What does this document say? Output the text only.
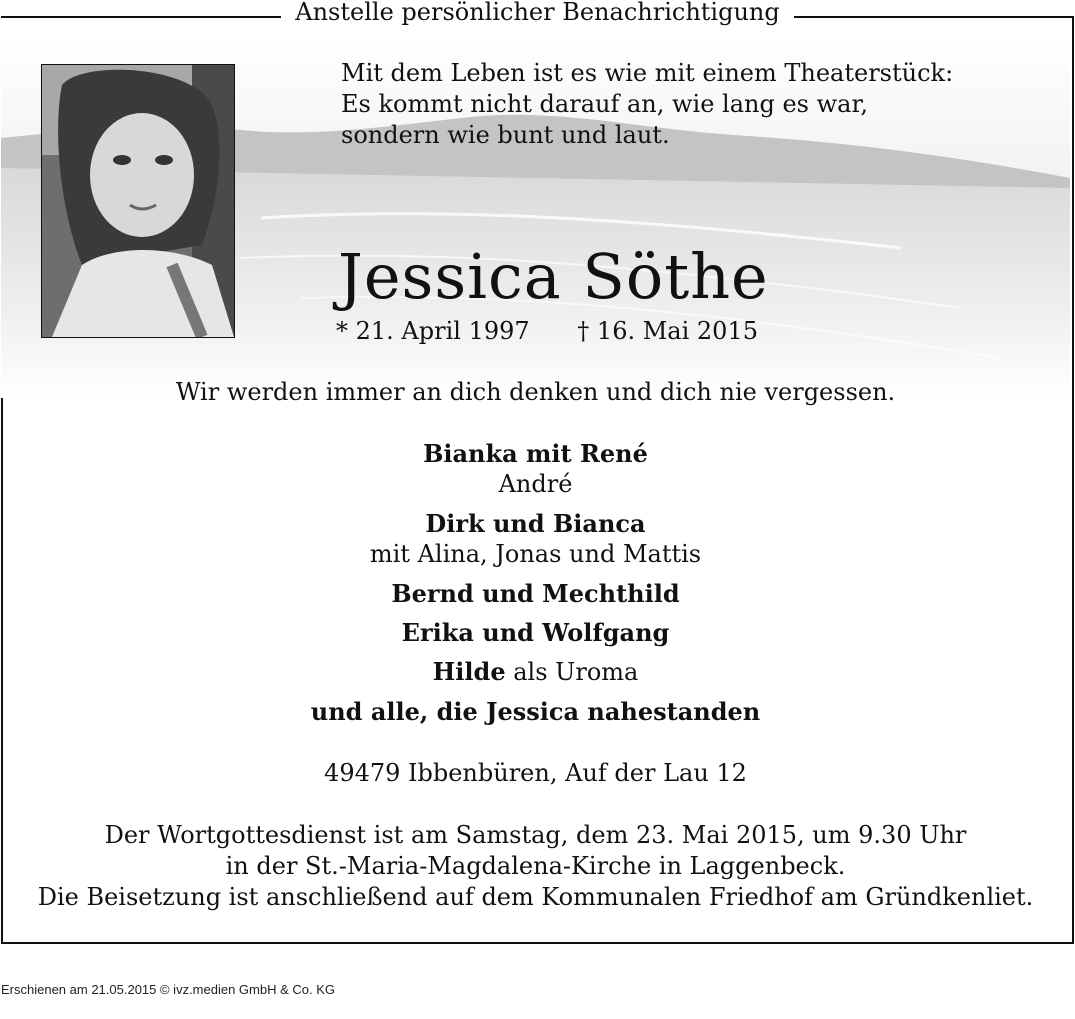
Anstelle persönlicher Benachrichtigung
Mit dem Leben ist es wie mit einem Theaterstück:
Es kommt nicht darauf an, wie lang es war,
sondern wie bunt und laut.
Jessica Söthe
* 21. April 1997 † 16. Mai 2015
Wir werden immer an dich denken und dich nie vergessen.
Bianka mit René
André
Dirk und Bianca
mit Alina, Jonas und Mattis
Bernd und Mechthild
Erika und Wolfgang
Hilde als Uroma
und alle, die Jessica nahestanden
49479 Ibbenbüren, Auf der Lau 12
Der Wortgottesdienst ist am Samstag, dem 23. Mai 2015, um 9.30 Uhr
in der St.-Maria-Magdalena-Kirche in Laggenbeck.
Die Beisetzung ist anschließend auf dem Kommunalen Friedhof am Gründkenliet.
Erschienen am 21.05.2015 © ivz.medien GmbH & Co. KG
